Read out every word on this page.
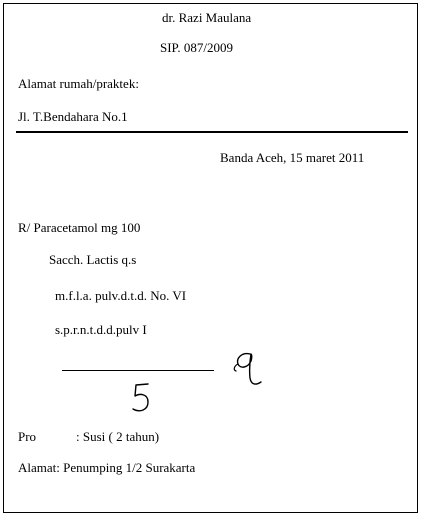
dr. Razi Maulana
SIP. 087/2009
Alamat rumah/praktek:
Jl. T.Bendahara No.1
Banda Aceh, 15 maret 2011
R/ Paracetamol mg 100
Sacch. Lactis q.s
m.f.l.a. pulv.d.t.d. No. VI
s.p.r.n.t.d.d.pulv I
Pro	: Susi ( 2 tahun)
Alamat: Penumping 1/2 Surakarta
